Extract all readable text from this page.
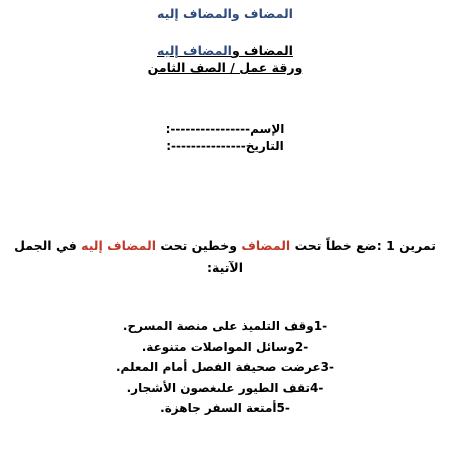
المضاف والمضاف إليه
المضاف والمضاف إليه
ورقة عمل / الصف الثامن
الإسم----------------:
التاريخ---------------:
تمرين 1 :ضع خطاً تحت المضاف وخطين تحت المضاف إليه في الجمل الآتية:
-1وقف التلميذ على منصة المسرح.
-2وسائل المواصلات متنوعة.
-3عرضت صحيفة الفصل أمام المعلم.
-4تقف الطيور علىغصون الأشجار.
-5أمتعة السفر جاهزة.
